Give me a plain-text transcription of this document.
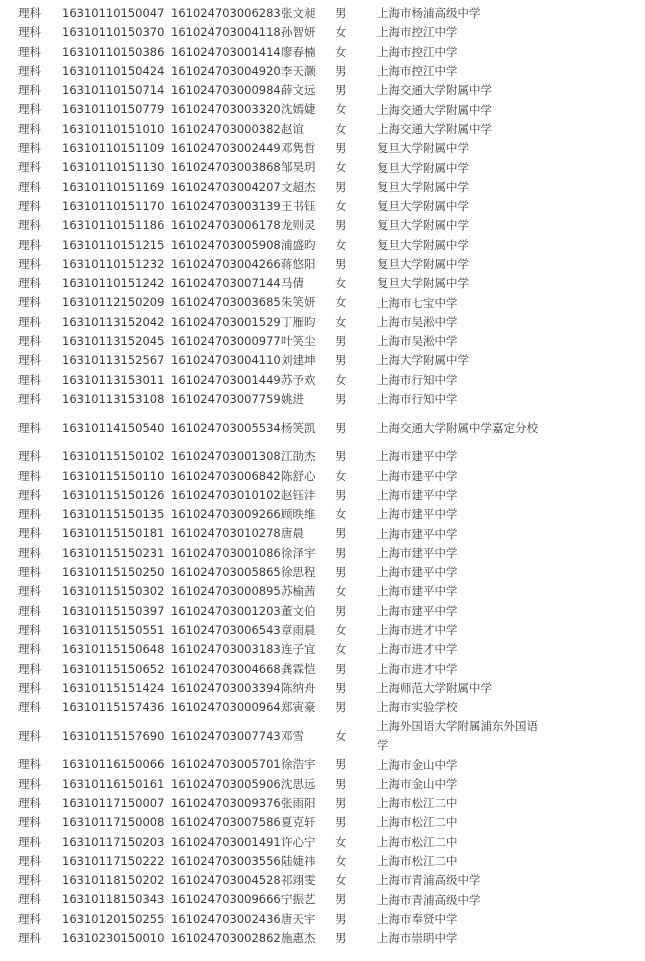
理科	16310110150047	161024703006283	张文昶	男	上海市杨浦高级中学
理科	16310110150370	161024703004118	孙智妍	女	上海市控江中学
理科	16310110150386	161024703001414	廖春楠	女	上海市控江中学
理科	16310110150424	161024703004920	李天灏	男	上海市控江中学
理科	16310110150714	161024703000984	薛文远	男	上海交通大学附属中学
理科	16310110150779	161024703003320	沈嫣婕	女	上海交通大学附属中学
理科	16310110151010	161024703000382	赵谊	女	上海交通大学附属中学
理科	16310110151109	161024703002449	邓隽哲	男	复旦大学附属中学
理科	16310110151130	161024703003868	邹昊玥	女	复旦大学附属中学
理科	16310110151169	161024703004207	文超杰	男	复旦大学附属中学
理科	16310110151170	161024703003139	王书钰	女	复旦大学附属中学
理科	16310110151186	161024703006178	龙则灵	男	复旦大学附属中学
理科	16310110151215	161024703005908	浦盛昀	女	复旦大学附属中学
理科	16310110151232	161024703004266	蒋悠阳	男	复旦大学附属中学
理科	16310110151242	161024703007144	马倩	女	复旦大学附属中学
理科	16310112150209	161024703003685	朱笑妍	女	上海市七宝中学
理科	16310113152042	161024703001529	丁雁昀	女	上海市吴淞中学
理科	16310113152045	161024703000977	叶笑尘	男	上海市吴淞中学
理科	16310113152567	161024703004110	刘建坤	男	上海大学附属中学
理科	16310113153011	161024703001449	苏予欢	女	上海市行知中学
理科	16310113153108	161024703007759	姚进	男	上海市行知中学
理科	16310114150540	161024703005534	杨笑凯	男	上海交通大学附属中学嘉定分校
理科	16310115150102	161024703001308	江劭杰	男	上海市建平中学
理科	16310115150110	161024703006842	陈舒心	女	上海市建平中学
理科	16310115150126	161024703010102	赵钰沣	男	上海市建平中学
理科	16310115150135	161024703009266	顾昳维	女	上海市建平中学
理科	16310115150181	161024703010278	唐晨	男	上海市建平中学
理科	16310115150231	161024703001086	徐泽宇	男	上海市建平中学
理科	16310115150250	161024703005865	徐思程	男	上海市建平中学
理科	16310115150302	161024703000895	苏榆茜	女	上海市建平中学
理科	16310115150397	161024703001203	董文伯	男	上海市建平中学
理科	16310115150551	161024703006543	章雨晨	女	上海市进才中学
理科	16310115150648	161024703003183	连子宜	女	上海市进才中学
理科	16310115150652	161024703004668	龚霖恺	男	上海市进才中学
理科	16310115151424	161024703003394	陈纳舟	男	上海师范大学附属中学
理科	16310115157436	161024703000964	郑寅豪	男	上海市实验学校
理科	16310115157690	161024703007743	邓雪	女	上海外国语大学附属浦东外国语学
理科	16310116150066	161024703005701	徐浩宇	男	上海市金山中学
理科	16310116150161	161024703005906	沈思远	男	上海市金山中学
理科	16310117150007	161024703009376	张雨阳	男	上海市松江二中
理科	16310117150008	161024703007586	夏克轩	男	上海市松江二中
理科	16310117150203	161024703001491	许心宁	女	上海市松江二中
理科	16310117150222	161024703003556	陆婕祎	女	上海市松江二中
理科	16310118150202	161024703004528	祁翊雯	女	上海市青浦高级中学
理科	16310118150343	161024703009666	宁振艺	男	上海市青浦高级中学
理科	16310120150255	161024703002436	唐天宇	男	上海市奉贤中学
理科	16310230150010	161024703002862	施惠杰	男	上海市崇明中学
